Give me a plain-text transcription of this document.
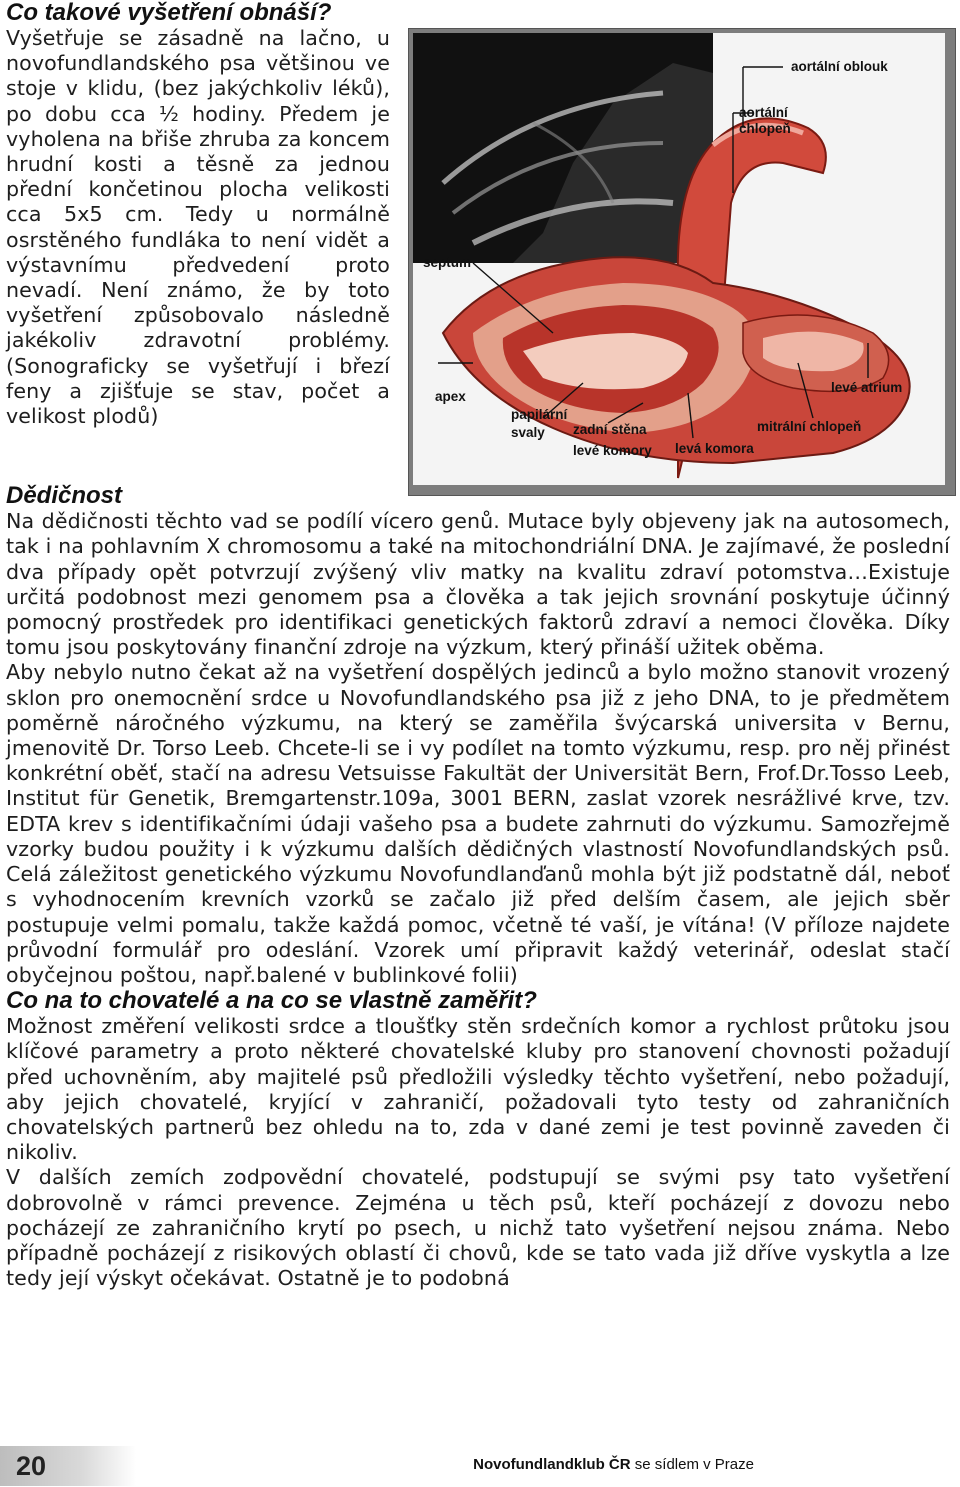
Co takové vyšetření obnáší?
aortální oblouk
aortální
chlopeň
septum
apex
levé atrium
mitrální chlopeň
papilární
svaly zadní stěna
levé komory levá komora

Vyšetřuje se zásadně na lačno, u novofundlandského psa většinou ve stoje v klidu, (bez jakýchkoliv léků), po dobu cca ½ hodiny. Předem je vyholena na břiše zhruba za koncem hrudní kosti a těsně za jednou přední končetinou plocha velikosti cca 5x5 cm. Tedy u normálně osrstěného fundláka to není vidět a výstavnímu předvedení proto nevadí. Není známo, že by toto vyšetření způsobovalo následně jakékoliv zdravotní problémy. (Sonograficky se vyšetřují i březí feny a zjišťuje se stav, počet a velikost plodů)

Dědičnost

Na dědičnosti těchto vad se podílí vícero genů. Mutace byly objeveny jak na autosomech, tak i na pohlavním X chromosomu a také na mitochondriální DNA. Je zajímavé, že poslední dva případy opět potvrzují zvýšený vliv matky na kvalitu zdraví potomstva…Existuje určitá podobnost mezi genomem psa a člověka a tak jejich srovnání poskytuje účinný pomocný prostředek pro identifikaci genetických faktorů zdraví a nemoci člověka. Díky tomu jsou poskytovány finanční zdroje na výzkum, který přináší užitek oběma.

Aby nebylo nutno čekat až na vyšetření dospělých jedinců a bylo možno stanovit vrozený sklon pro onemocnění srdce u Novofundlandského psa již z jeho DNA, to je předmětem poměrně náročného výzkumu, na který se zaměřila švýcarská universita v Bernu, jmenovitě Dr. Torso Leeb. Chcete-li se i vy podílet na tomto výzkumu, resp. pro něj přinést konkrétní oběť, stačí na adresu Vetsuisse Fakultät der Universität Bern, Frof.Dr.Tosso Leeb, Institut für Genetik, Bremgartenstr.109a, 3001 BERN, zaslat vzorek nesrážlivé krve, tzv. EDTA krev s identifikačními údaji vašeho psa a budete zahrnuti do výzkumu. Samozřejmě vzorky budou použity i k výzkumu dalších dědičných vlastností Novofundlandských psů. Celá záležitost genetického výzkumu Novofundlanďanů mohla být již podstatně dál, neboť s vyhodnocením krevních vzorků se začalo již před delším časem, ale jejich sběr postupuje velmi pomalu, takže každá pomoc, včetně té vaší, je vítána! (V příloze najdete průvodní formulář pro odeslání. Vzorek umí připravit každý veterinář, odeslat stačí obyčejnou poštou, např.balené v bublinkové folii)

Co na to chovatelé a na co se vlastně zaměřit?

Možnost změření velikosti srdce a tloušťky stěn srdečních komor a rychlost průtoku jsou klíčové parametry a proto některé chovatelské kluby pro stanovení chovnosti požadují před uchovněním, aby majitelé psů předložili výsledky těchto vyšetření, nebo požadují, aby jejich chovatelé, kryjící v zahraničí, požadovali tyto testy od zahraničních chovatelských partnerů bez ohledu na to, zda v dané zemi je test povinně zaveden či nikoliv.

V dalších zemích zodpovědní chovatelé, podstupují se svými psy tato vyšetření dobrovolně v rámci prevence. Zejména u těch psů, kteří pocházejí z dovozu nebo pocházejí ze zahraničního krytí po psech, u nichž tato vyšetření nejsou známa. Nebo případně pocházejí z risikových oblastí či chovů, kde se tato vada již dříve vyskytla a lze tedy její výskyt očekávat. Ostatně je to podobná

20	Novofundlandklub ČR se sídlem v Praze
